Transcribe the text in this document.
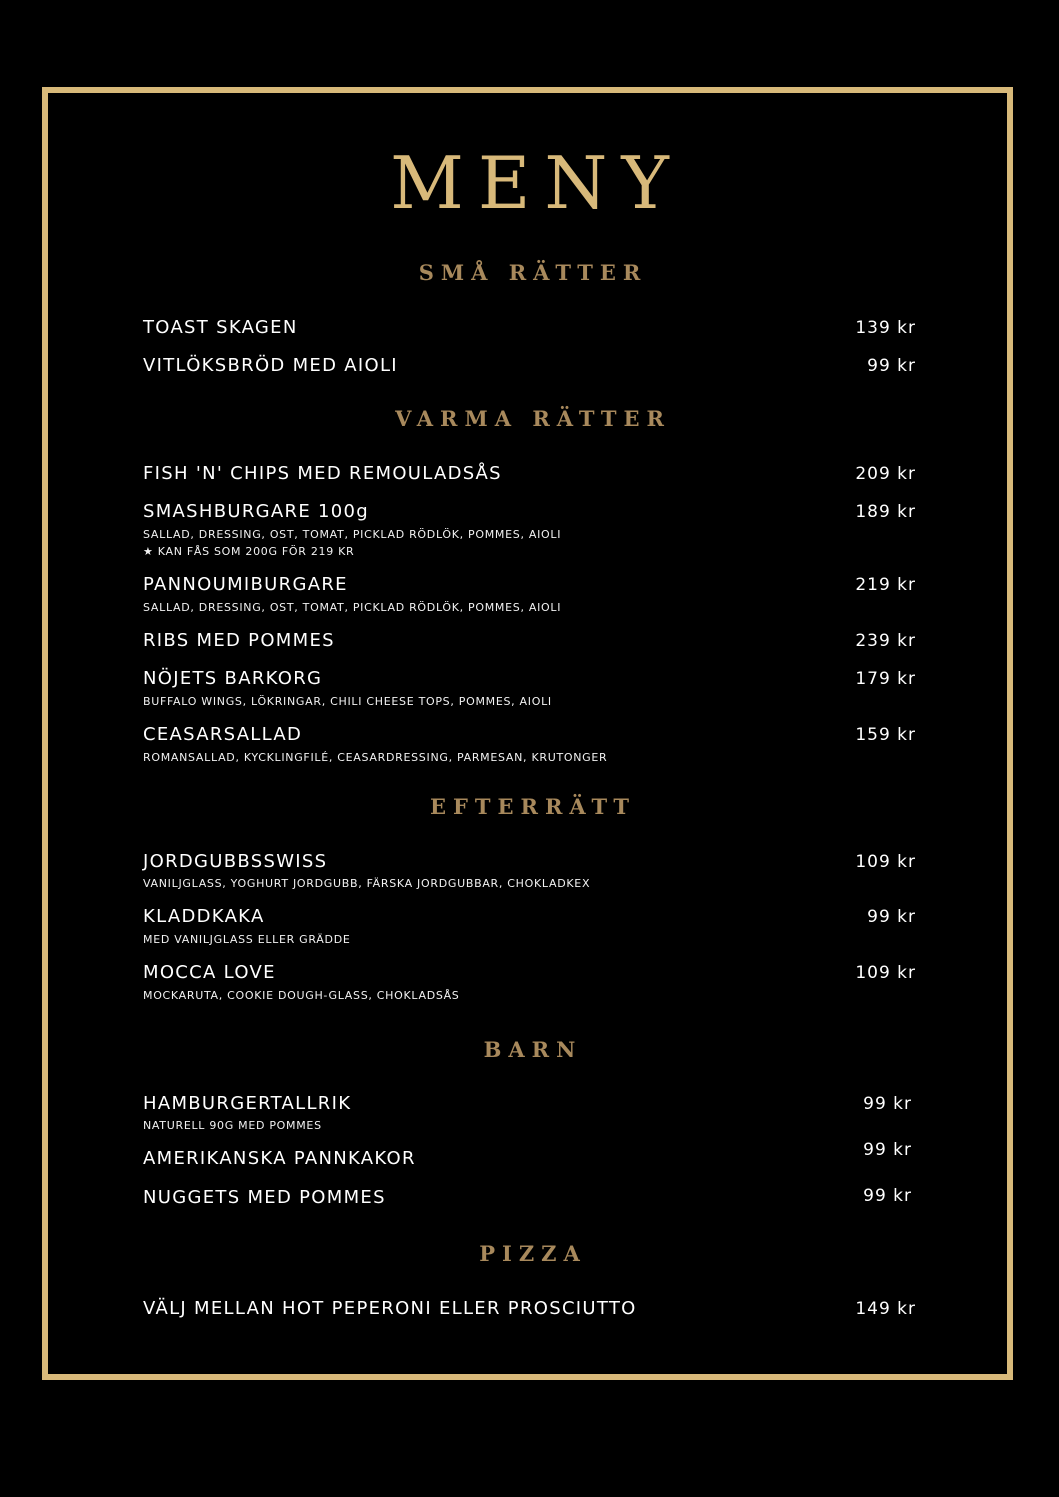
MENY
SMÅ RÄTTER
TOAST SKAGEN	139 kr
VITLÖKSBRÖD MED AIOLI	99 kr
VARMA RÄTTER
FISH 'N' CHIPS MED REMOULADSÅS	209 kr
SMASHBURGARE 100g	189 kr
SALLAD, DRESSING, OST, TOMAT, PICKLAD RÖDLÖK, POMMES, AIOLI
★ KAN FÅS SOM 200G FÖR 219 KR
PANNOUMIBURGARE	219 kr
SALLAD, DRESSING, OST, TOMAT, PICKLAD RÖDLÖK, POMMES, AIOLI
RIBS MED POMMES	239 kr
NÖJETS BARKORG	179 kr
BUFFALO WINGS, LÖKRINGAR, CHILI CHEESE TOPS, POMMES, AIOLI
CEASARSALLAD	159 kr
ROMANSALLAD, KYCKLINGFILÉ, CEASARDRESSING, PARMESAN, KRUTONGER
EFTERRÄTT
JORDGUBBSSWISS	109 kr
VANILJGLASS, YOGHURT JORDGUBB, FÄRSKA JORDGUBBAR, CHOKLADKEX
KLADDKAKA	99 kr
MED VANILJGLASS ELLER GRÄDDE
MOCCA LOVE	109 kr
MOCKARUTA, COOKIE DOUGH-GLASS, CHOKLADSÅS
BARN
HAMBURGERTALLRIK	99 kr
NATURELL 90G MED POMMES
AMERIKANSKA PANNKAKOR	99 kr
NUGGETS MED POMMES	99 kr
PIZZA
VÄLJ MELLAN HOT PEPERONI ELLER PROSCIUTTO	149 kr
